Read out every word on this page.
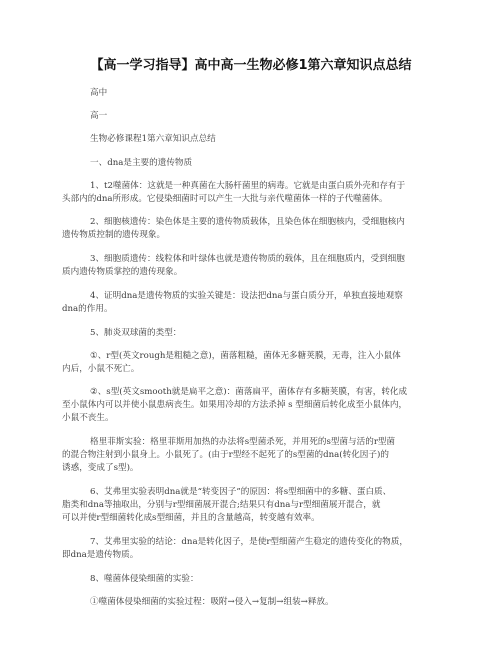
【高一学习指导】高中高一生物必修1第六章知识点总结
高中
高一
生物必修课程1第六章知识点总结
一、dna是主要的遗传物质
1、t2噬菌体：这就是一种真菌在大肠杆菌里的病毒。它就是由蛋白质外壳和存有于
头部内的dna所形成。它侵染细菌时可以产生一大批与亲代噬菌体一样的子代噬菌体。
2、细胞核遗传：染色体是主要的遗传物质载体，且染色体在细胞核内，受细胞核内
遗传物质控制的遗传现象。
3、细胞质遗传：线粒体和叶绿体也就是遗传物质的载体，且在细胞质内，受到细胞
质内遗传物质掌控的遗传现象。
4、证明dna是遗传物质的实验关键是：设法把dna与蛋白质分开，单独直接地观察
dna的作用。
5、肺炎双球菌的类型：
①、r型(英文rough是粗糙之意)，菌落粗糙，菌体无多糖荚膜，无毒，注入小鼠体
内后，小鼠不死亡。
②、s型(英文smooth就是扁平之意)：菌落扁平，菌体存有多糖荚膜，有害，转化成
至小鼠体内可以并使小鼠患病丧生。如果用冷却的方法杀掉 s 型细菌后转化成至小鼠体内，
小鼠不丧生。
格里菲斯实验：格里菲斯用加热的办法将s型菌杀死，并用死的s型菌与活的r型菌
的混合物注射到小鼠身上。小鼠死了。(由于r型经不起死了的s型菌的dna(转化因子)的
诱惑，变成了s型)。
6、艾弗里实验表明dna就是“转变因子”的原因：将s型细菌中的多糖、蛋白质、
脂类和dna等抽取出，分别与r型细菌展开混合;结果只有dna与r型细菌展开混合，就
可以并使r型细菌转化成s型细菌，并且的含量越高，转变越有效率。
7、艾弗里实验的结论：dna是转化因子，是使r型细菌产生稳定的遗传变化的物质，
即dna是遗传物质。
8、噬菌体侵染细菌的实验：
①噬菌体侵染细菌的实验过程：吸附→侵入→复制→组装→释放。
